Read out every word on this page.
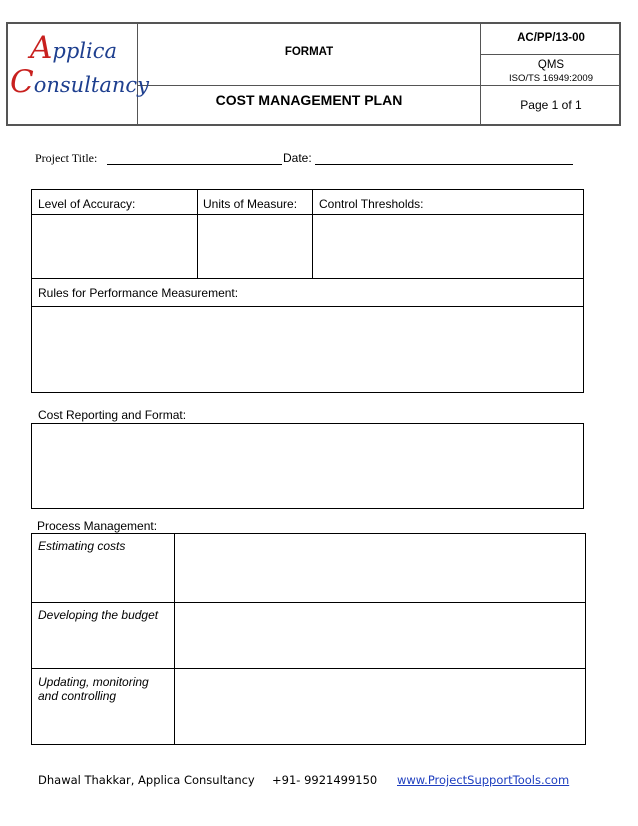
Applica
Consultancy
FORMAT
COST MANAGEMENT PLAN
AC/PP/13-00
QMS
ISO/TS 16949:2009
Page 1 of 1
Project Title:	Date:
Level of Accuracy:	Units of Measure: Control Thresholds:
Rules for Performance Measurement:
Cost Reporting and Format:
Process Management:
Estimating costs
Developing the budget
Updating, monitoring and controlling
Dhawal Thakkar, Applica Consultancy +91- 9921499150 www.ProjectSupportTools.com
